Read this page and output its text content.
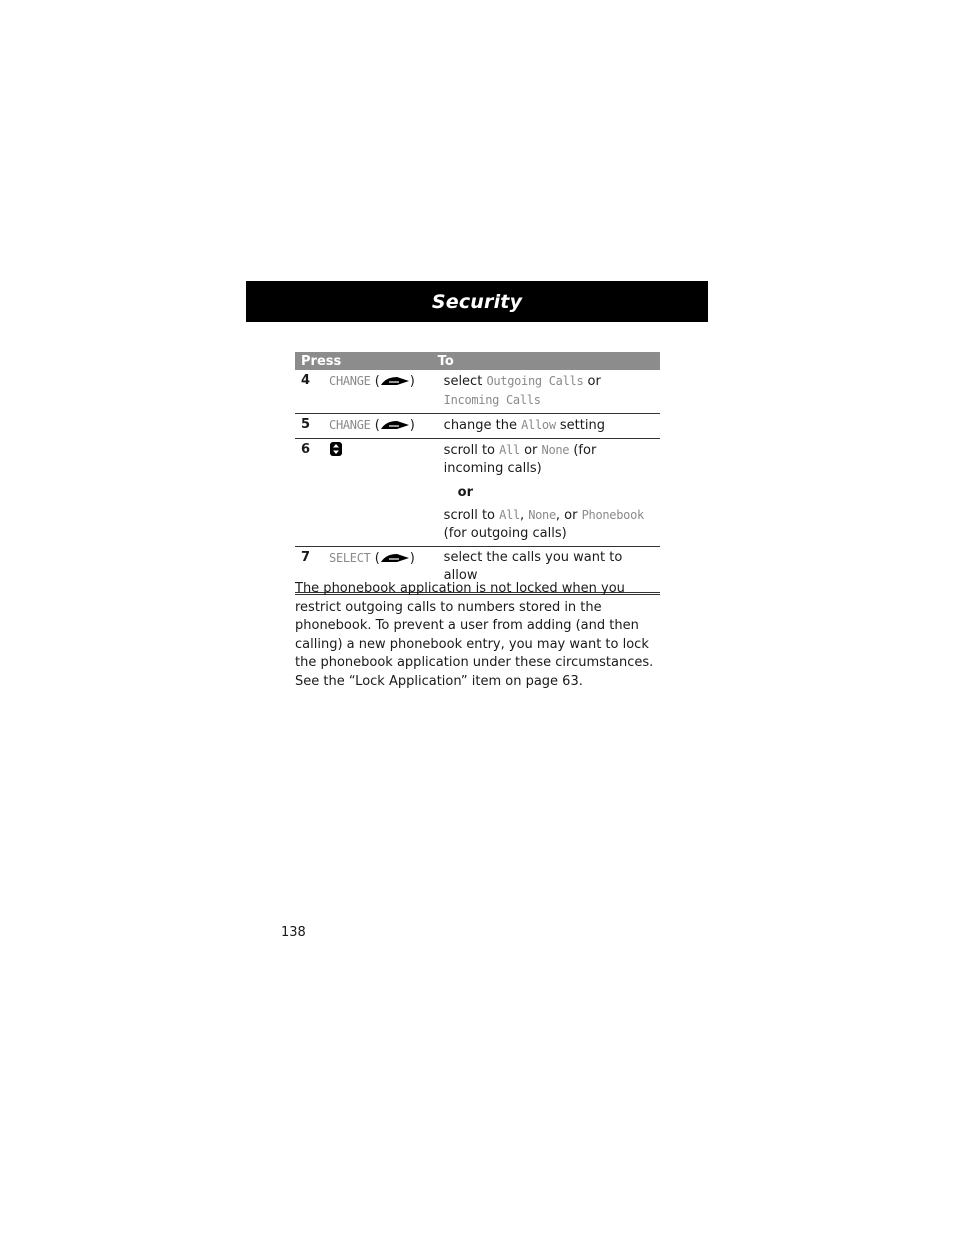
Security
Press		To
4	CHANGE ( )	select Outgoing Calls or
Incoming Calls
5	CHANGE ( )	change the Allow setting
6		scroll to All or None (for incoming calls)
or
scroll to All, None, or Phonebook (for outgoing calls)

7	SELECT ( )	select the calls you want to allow

The phonebook application is not locked when you restrict outgoing calls to numbers stored in the phonebook. To prevent a user from adding (and then calling) a new phonebook entry, you may want to lock the phonebook application under these circumstances. See the “Lock Application” item on page 63.

138
